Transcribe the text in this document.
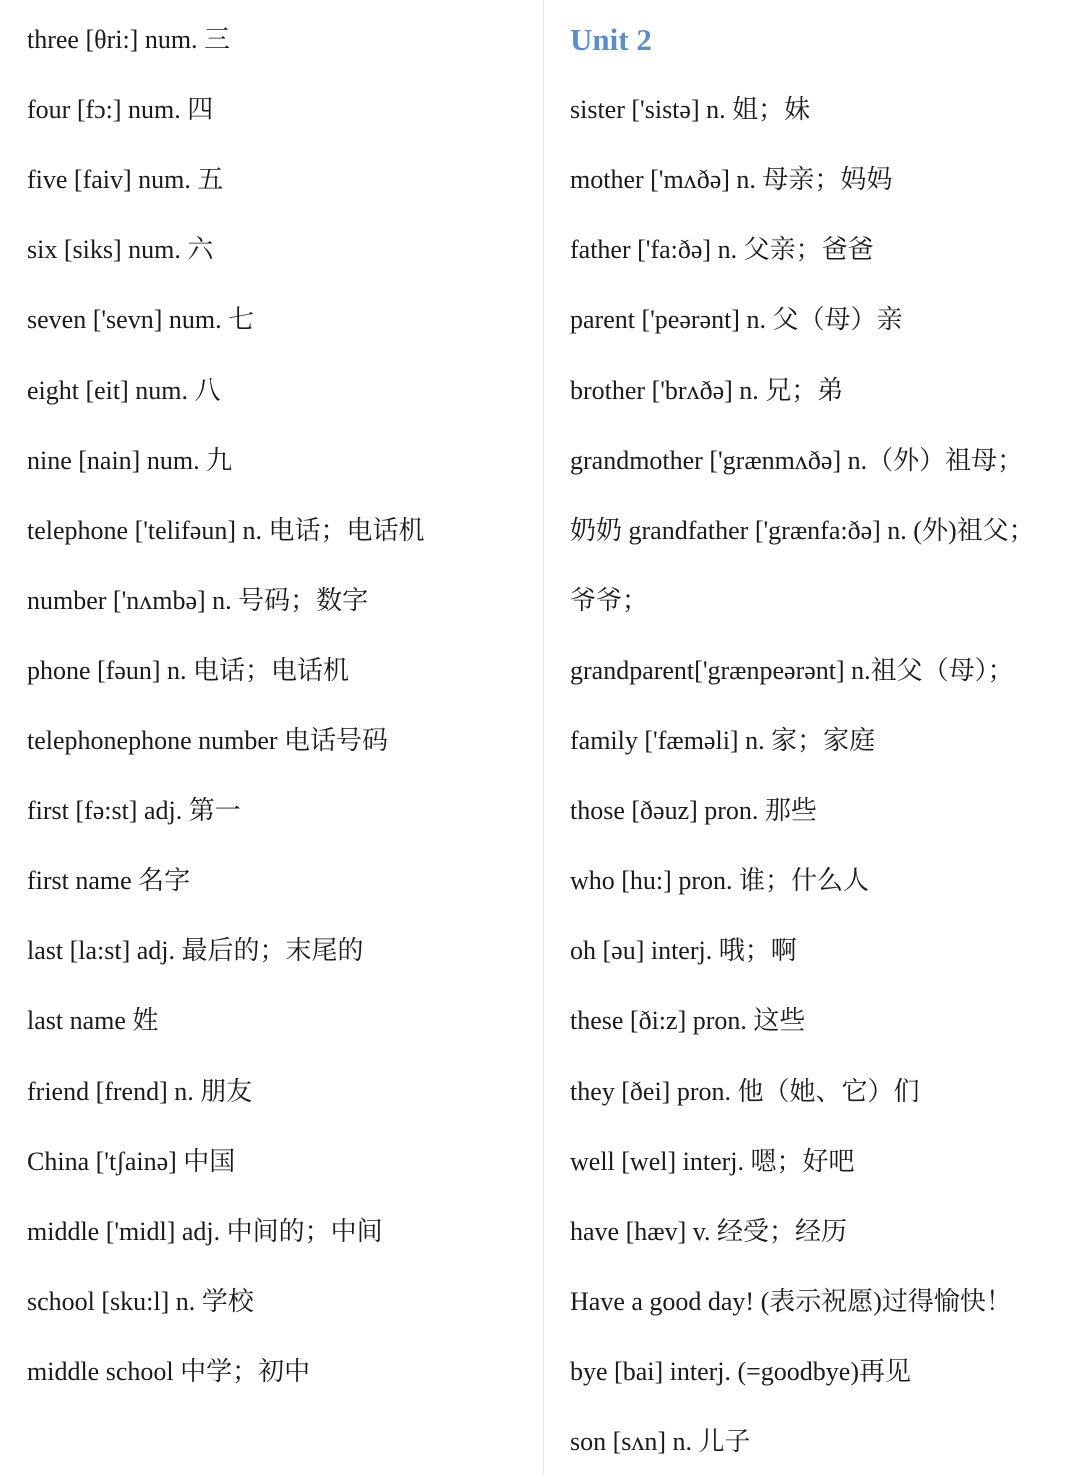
three [θri:] num. 三
four [fɔ:] num. 四
five [faiv] num. 五
six [siks] num. 六
seven ['sevn] num. 七
eight [eit] num. 八
nine [nain] num. 九
telephone ['telifəun] n. 电话；电话机
number ['nʌmbə] n. 号码；数字
phone [fəun] n. 电话；电话机
telephonephone number 电话号码
first [fə:st] adj. 第一
first name 名字
last [la:st] adj. 最后的；末尾的
last name 姓
friend [frend] n. 朋友
China ['tʃainə] 中国
middle ['midl] adj. 中间的；中间
school [sku:l] n. 学校
middle school 中学；初中
Unit 2
sister ['sistə] n. 姐；妹
mother ['mʌðə] n. 母亲；妈妈
father ['fa:ðə] n. 父亲；爸爸
parent ['peərənt] n. 父（母）亲
brother ['brʌðə] n. 兄；弟
grandmother ['grænmʌðə] n.（外）祖母；
奶奶 grandfather ['grænfa:ðə] n. (外)祖父；
爷爷；
grandparent['grænpeərənt] n.祖父（母）；
family ['fæməli] n. 家；家庭
those [ðəuz] pron. 那些
who [hu:] pron. 谁；什么人
oh [əu] interj. 哦；啊
these [ði:z] pron. 这些
they [ðei] pron. 他（她、它）们
well [wel] interj. 嗯；好吧
have [hæv] v. 经受；经历
Have a good day! (表示祝愿)过得愉快！
bye [bai] interj. (=goodbye)再见
son [sʌn] n. 儿子
